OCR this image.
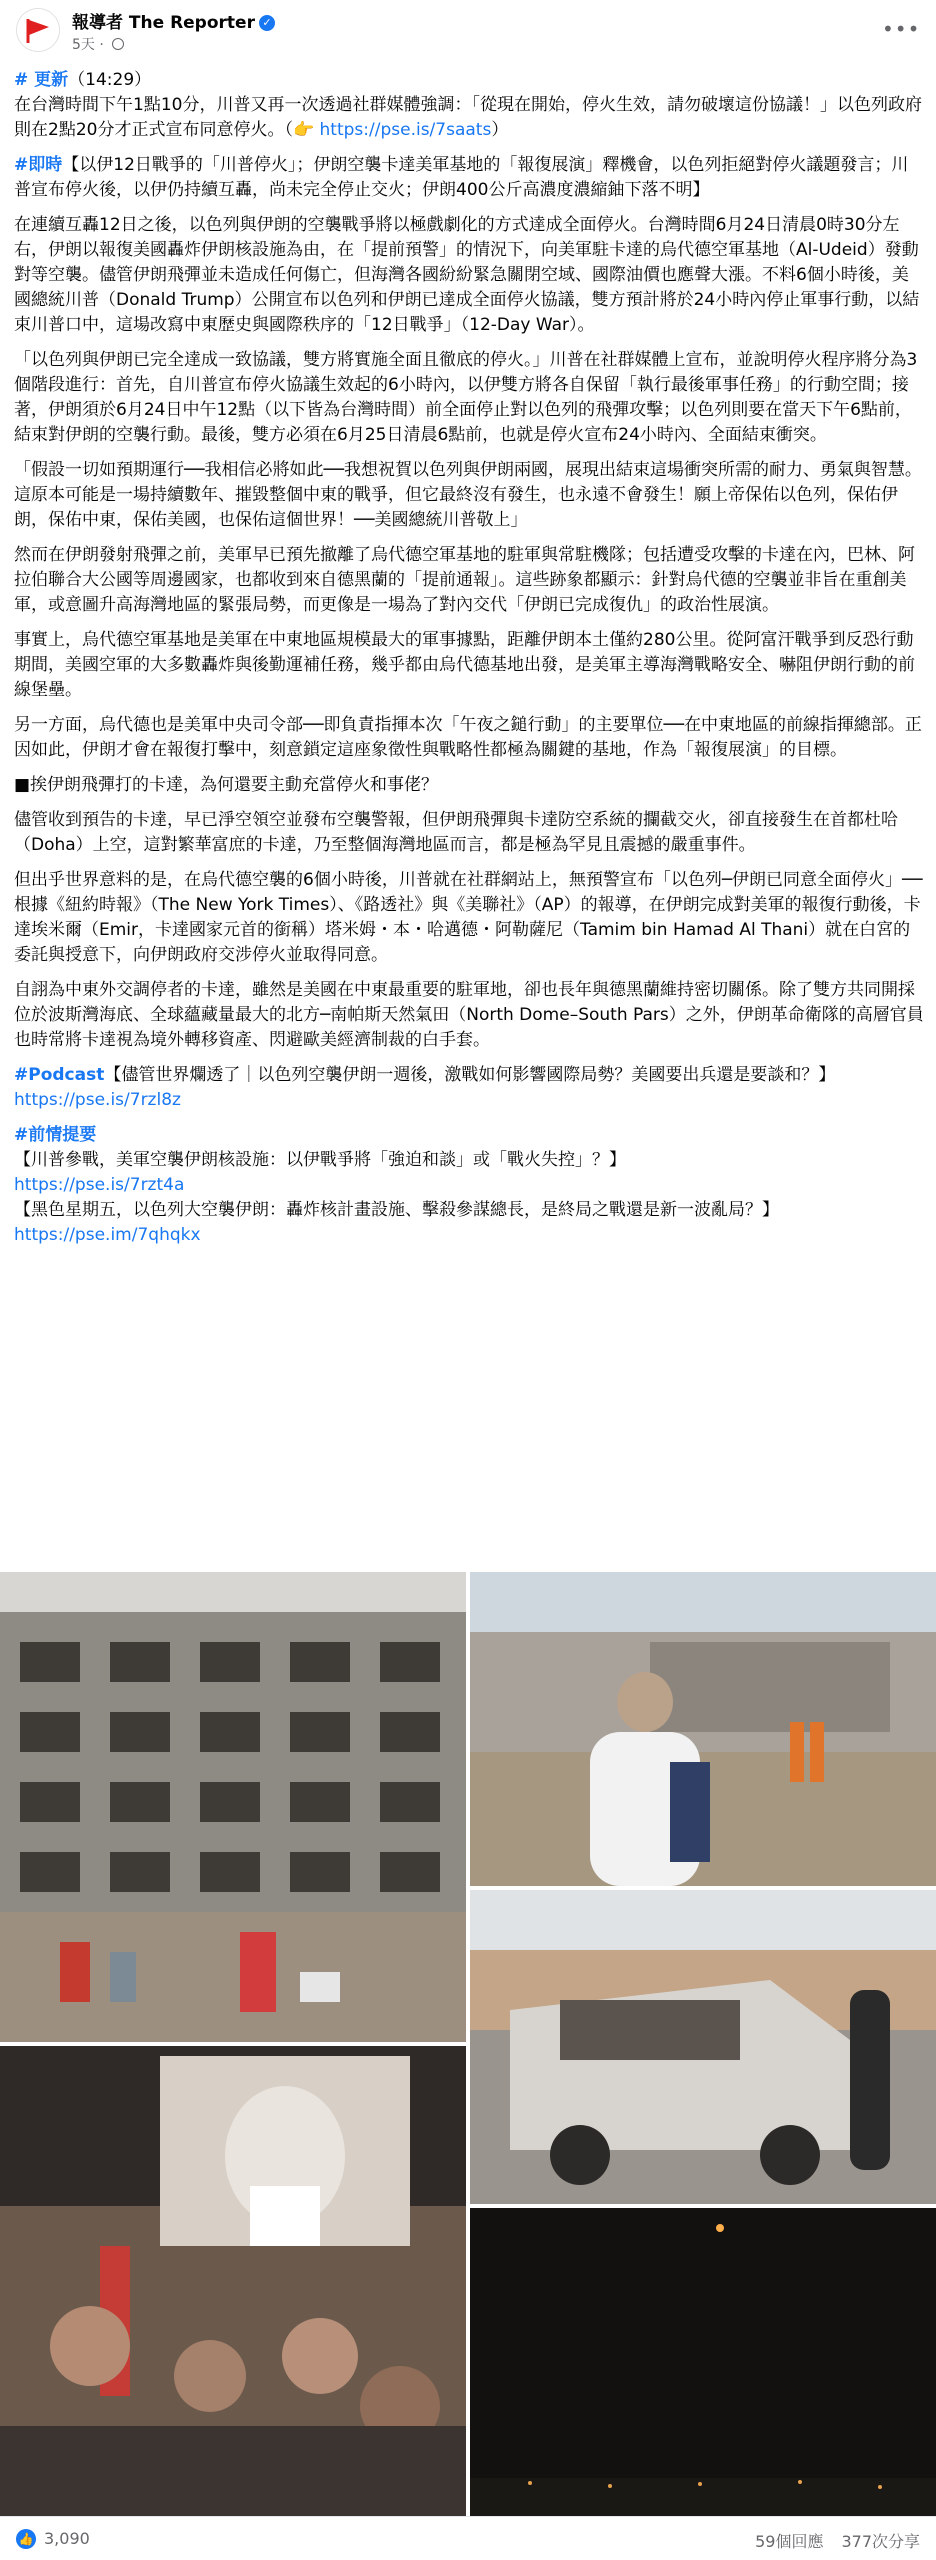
報導者 The Reporter ✓
5天 ·
•••

# 更新（14:29）
在台灣時間下午1點10分，川普又再一次透過社群媒體強調：「從現在開始，停火生效，請勿破壞這份協議！」以色列政府則在2點20分才正式宣布同意停火。（👉 https://pse.is/7saats）

#即時【以伊12日戰爭的「川普停火」；伊朗空襲卡達美軍基地的「報復展演」釋機會，以色列拒絕對停火議題發言；川普宣布停火後，以伊仍持續互轟，尚未完全停止交火；伊朗400公斤高濃度濃縮鈾下落不明】

在連續互轟12日之後，以色列與伊朗的空襲戰爭將以極戲劇化的方式達成全面停火。台灣時間6月24日清晨0時30分左右，伊朗以報復美國轟炸伊朗核設施為由，在「提前預警」的情況下，向美軍駐卡達的烏代德空軍基地（Al-Udeid）發動對等空襲。儘管伊朗飛彈並未造成任何傷亡，但海灣各國紛紛緊急關閉空域、國際油價也應聲大漲。不料6個小時後，美國總統川普（Donald Trump）公開宣布以色列和伊朗已達成全面停火協議，雙方預計將於24小時內停止軍事行動，以結束川普口中，這場改寫中東歷史與國際秩序的「12日戰爭」（12-Day War）。

「以色列與伊朗已完全達成一致協議，雙方將實施全面且徹底的停火。」川普在社群媒體上宣布，並說明停火程序將分為3個階段進行：首先，自川普宣布停火協議生效起的6小時內，以伊雙方將各自保留「執行最後軍事任務」的行動空間；接著，伊朗須於6月24日中午12點（以下皆為台灣時間）前全面停止對以色列的飛彈攻擊；以色列則要在當天下午6點前，結束對伊朗的空襲行動。最後，雙方必須在6月25日清晨6點前，也就是停火宣布24小時內、全面結束衝突。

「假設一切如預期運行──我相信必將如此──我想祝賀以色列與伊朗兩國，展現出結束這場衝突所需的耐力、勇氣與智慧。這原本可能是一場持續數年、摧毀整個中東的戰爭，但它最終沒有發生，也永遠不會發生！願上帝保佑以色列，保佑伊朗，保佑中東，保佑美國，也保佑這個世界！──美國總統川普敬上」

然而在伊朗發射飛彈之前，美軍早已預先撤離了烏代德空軍基地的駐軍與常駐機隊；包括遭受攻擊的卡達在內，巴林、阿拉伯聯合大公國等周邊國家，也都收到來自德黑蘭的「提前通報」。這些跡象都顯示：針對烏代德的空襲並非旨在重創美軍，或意圖升高海灣地區的緊張局勢，而更像是一場為了對內交代「伊朗已完成復仇」的政治性展演。

事實上，烏代德空軍基地是美軍在中東地區規模最大的軍事據點，距離伊朗本土僅約280公里。從阿富汗戰爭到反恐行動期間，美國空軍的大多數轟炸與後勤運補任務，幾乎都由烏代德基地出發，是美軍主導海灣戰略安全、嚇阻伊朗行動的前線堡壘。

另一方面，烏代德也是美軍中央司令部──即負責指揮本次「午夜之鎚行動」的主要單位──在中東地區的前線指揮總部。正因如此，伊朗才會在報復打擊中，刻意鎖定這座象徵性與戰略性都極為關鍵的基地，作為「報復展演」的目標。

■挨伊朗飛彈打的卡達，為何還要主動充當停火和事佬？

儘管收到預告的卡達，早已淨空領空並發布空襲警報，但伊朗飛彈與卡達防空系統的攔截交火，卻直接發生在首都杜哈（Doha）上空，這對繁華富庶的卡達，乃至整個海灣地區而言，都是極為罕見且震撼的嚴重事件。

但出乎世界意料的是，在烏代德空襲的6個小時後，川普就在社群網站上，無預警宣布「以色列─伊朗已同意全面停火」──根據《紐約時報》（The New York Times）、《路透社》與《美聯社》（AP）的報導，在伊朗完成對美軍的報復行動後，卡達埃米爾（Emir，卡達國家元首的銜稱）塔米姆・本・哈邁德・阿勒薩尼（Tamim bin Hamad Al Thani）就在白宮的委託與授意下，向伊朗政府交涉停火並取得同意。

自詡為中東外交調停者的卡達，雖然是美國在中東最重要的駐軍地，卻也長年與德黑蘭維持密切關係。除了雙方共同開採位於波斯灣海底、全球蘊藏量最大的北方─南帕斯天然氣田（North Dome–South Pars）之外，伊朗革命衛隊的高層官員也時常將卡達視為境外轉移資產、閃避歐美經濟制裁的白手套。

#Podcast【儘管世界爛透了｜以色列空襲伊朗一週後，激戰如何影響國際局勢？美國要出兵還是要談和？】 https://pse.is/7rzl8z

#前情提要
【川普參戰，美軍空襲伊朗核設施：以伊戰爭將「強迫和談」或「戰火失控」？】
https://pse.is/7rzt4a
【黑色星期五，以色列大空襲伊朗：轟炸核計畫設施、擊殺參謀總長，是終局之戰還是新一波亂局？】
https://pse.im/7qhqkx

👍 3,090	59個回應 377次分享
